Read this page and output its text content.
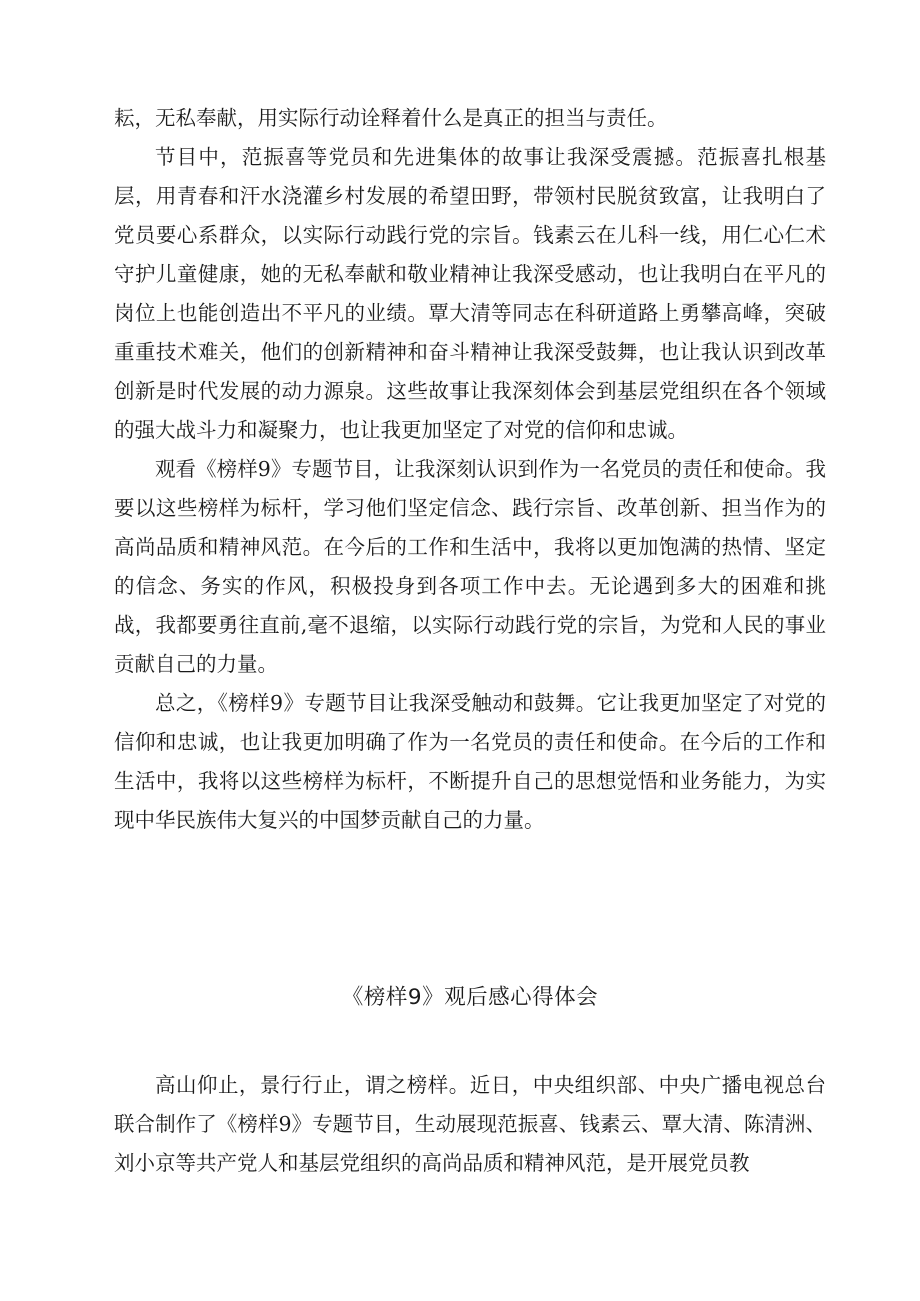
耘，无私奉献，用实际行动诠释着什么是真正的担当与责任。

节目中，范振喜等党员和先进集体的故事让我深受震撼。范振喜扎根基层，用青春和汗水浇灌乡村发展的希望田野，带领村民脱贫致富，让我明白了党员要心系群众，以实际行动践行党的宗旨。钱素云在儿科一线，用仁心仁术守护儿童健康，她的无私奉献和敬业精神让我深受感动，也让我明白在平凡的岗位上也能创造出不平凡的业绩。覃大清等同志在科研道路上勇攀高峰，突破重重技术难关，他们的创新精神和奋斗精神让我深受鼓舞，也让我认识到改革创新是时代发展的动力源泉。这些故事让我深刻体会到基层党组织在各个领域的强大战斗力和凝聚力，也让我更加坚定了对党的信仰和忠诚。

观看《榜样9》专题节目，让我深刻认识到作为一名党员的责任和使命。我要以这些榜样为标杆，学习他们坚定信念、践行宗旨、改革创新、担当作为的高尚品质和精神风范。在今后的工作和生活中，我将以更加饱满的热情、坚定的信念、务实的作风，积极投身到各项工作中去。无论遇到多大的困难和挑战，我都要勇往直前,毫不退缩，以实际行动践行党的宗旨，为党和人民的事业贡献自己的力量。

总之，《榜样9》专题节目让我深受触动和鼓舞。它让我更加坚定了对党的信仰和忠诚，也让我更加明确了作为一名党员的责任和使命。在今后的工作和生活中，我将以这些榜样为标杆，不断提升自己的思想觉悟和业务能力，为实现中华民族伟大复兴的中国梦贡献自己的力量。

《榜样9》观后感心得体会

高山仰止，景行行止，谓之榜样。近日，中央组织部、中央广播电视总台联合制作了《榜样9》专题节目，生动展现范振喜、钱素云、覃大清、陈清洲、刘小京等共产党人和基层党组织的高尚品质和精神风范，是开展党员教
